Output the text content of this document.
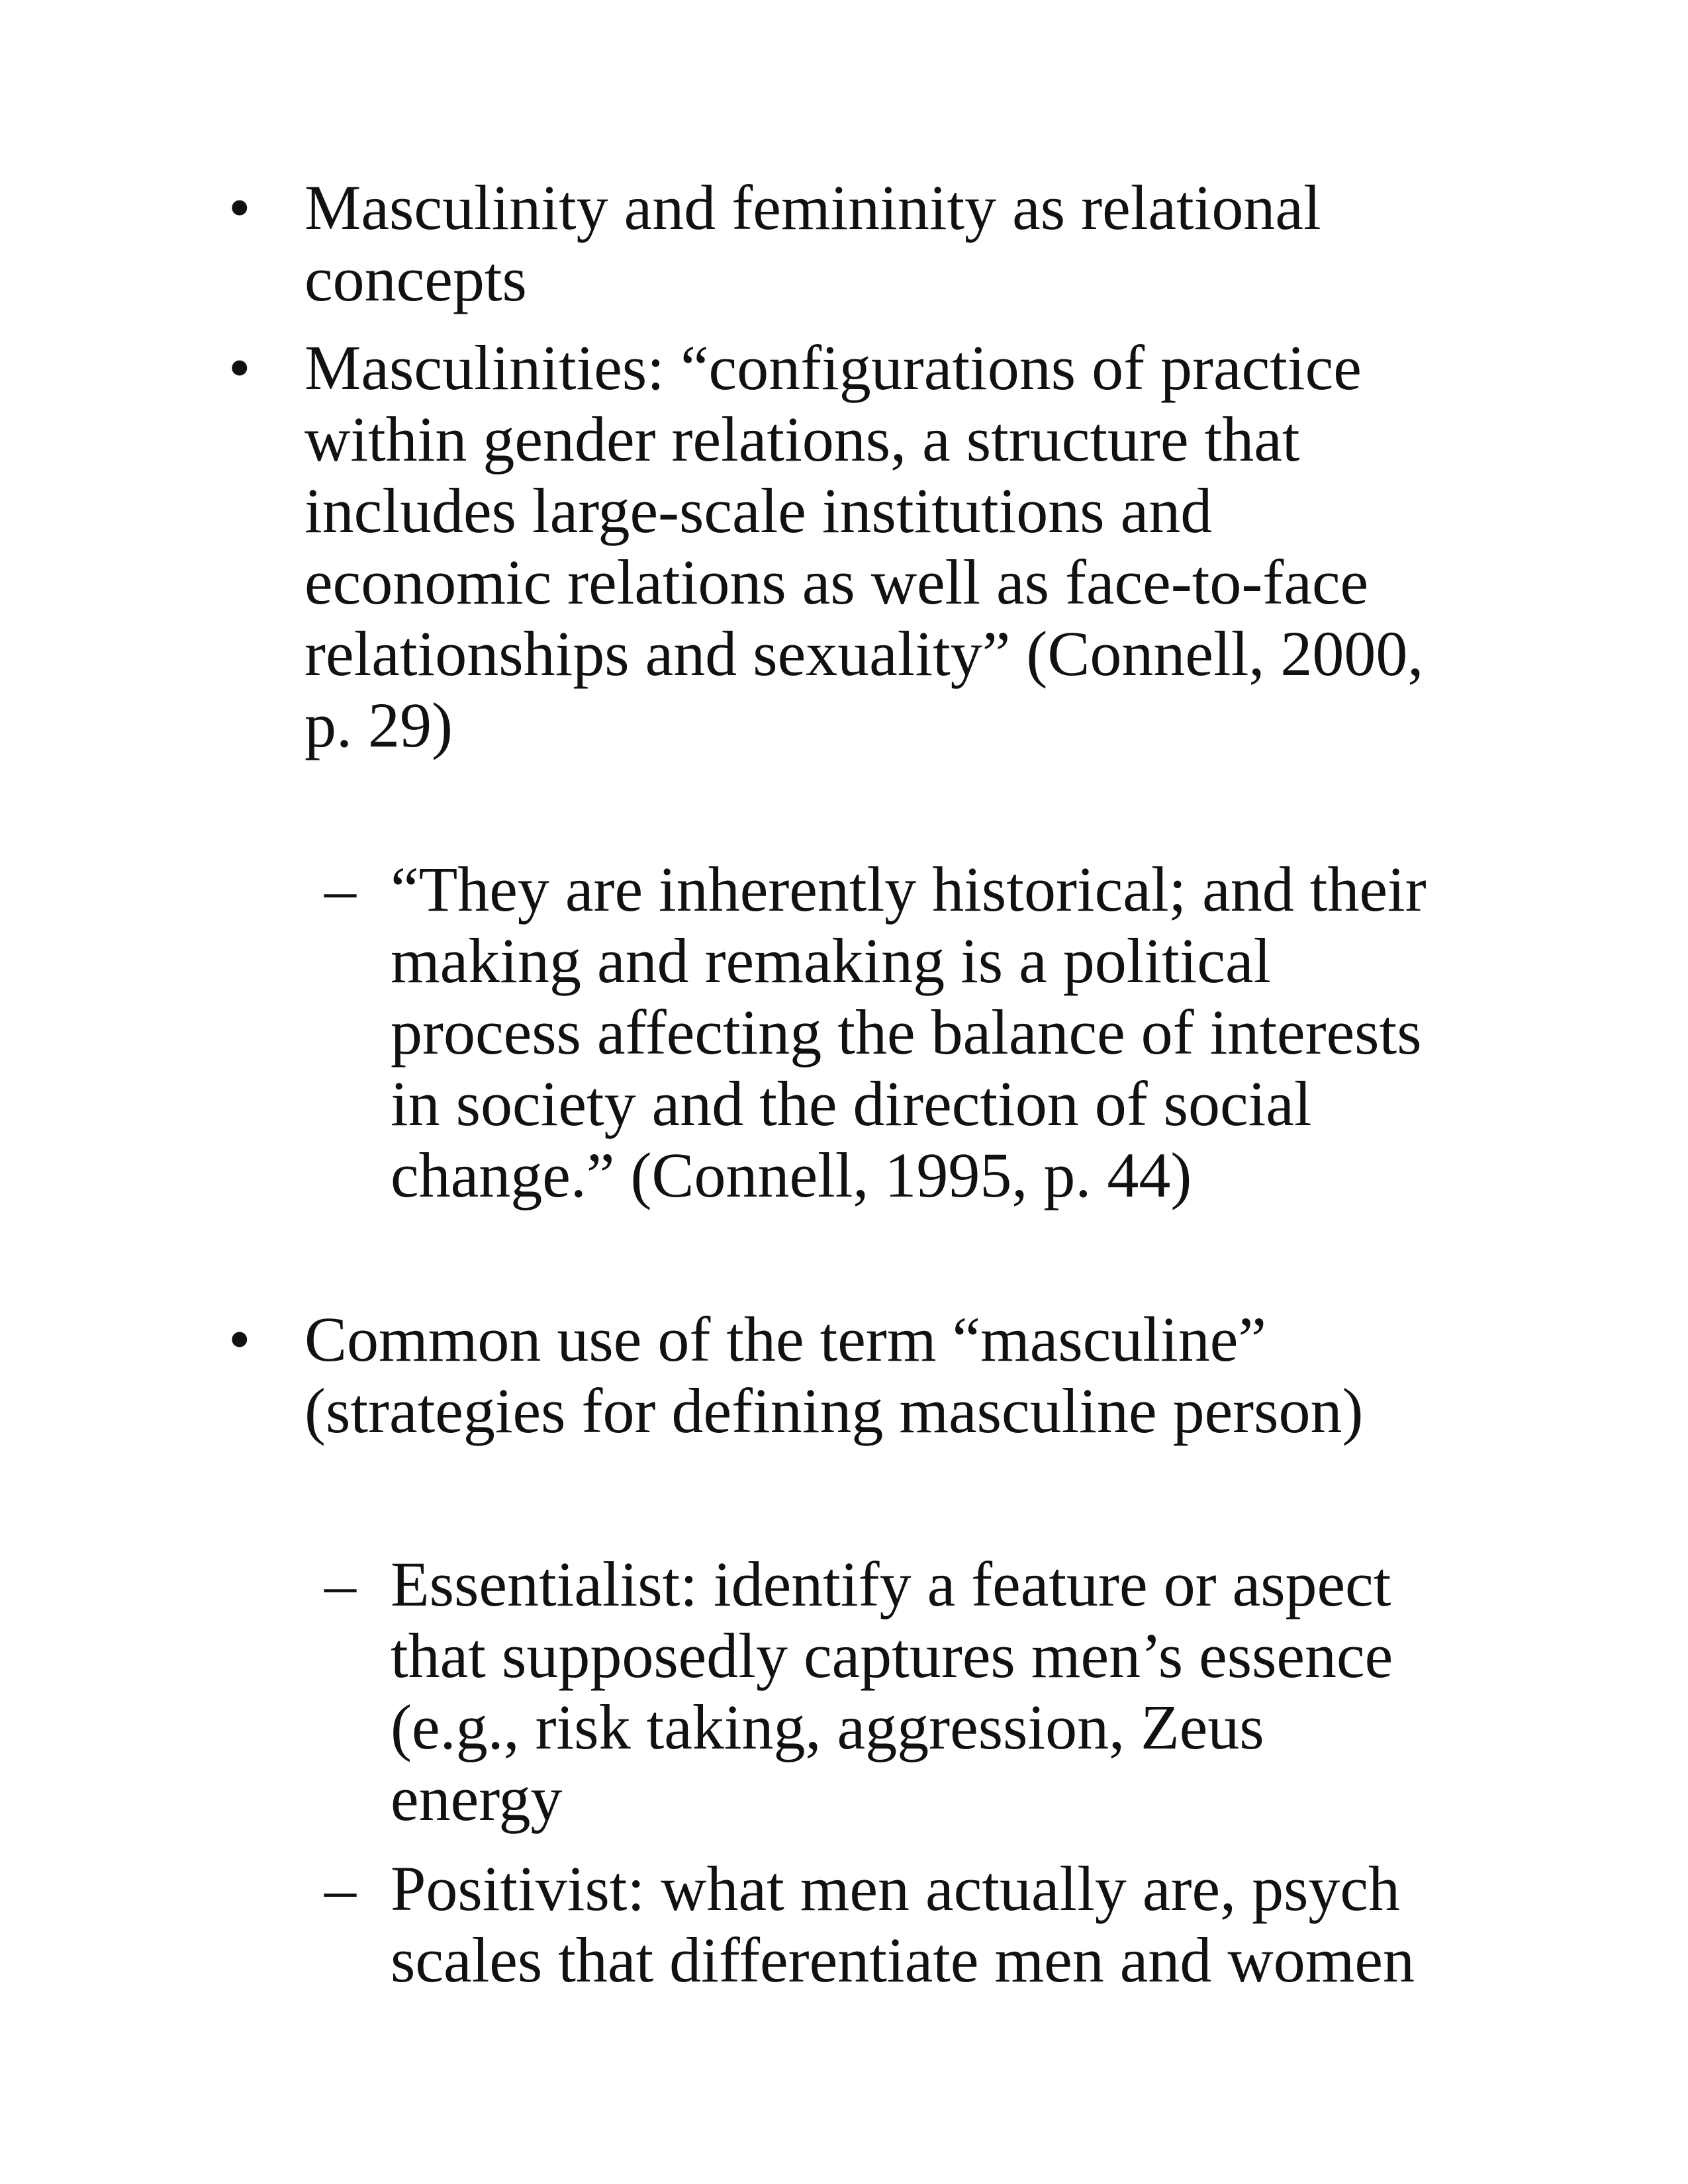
• Masculinity and femininity as relational
concepts
• Masculinities: “configurations of practice
within gender relations, a structure that
includes large-scale institutions and
economic relations as well as face-to-face
relationships and sexuality” (Connell, 2000,
p. 29)
– “They are inherently historical; and their
making and remaking is a political
process affecting the balance of interests
in society and the direction of social
change.” (Connell, 1995, p. 44)
• Common use of the term “masculine”
(strategies for defining masculine person)
– Essentialist: identify a feature or aspect
that supposedly captures men’s essence
(e.g., risk taking, aggression, Zeus
energy
– Positivist: what men actually are, psych
scales that differentiate men and women
